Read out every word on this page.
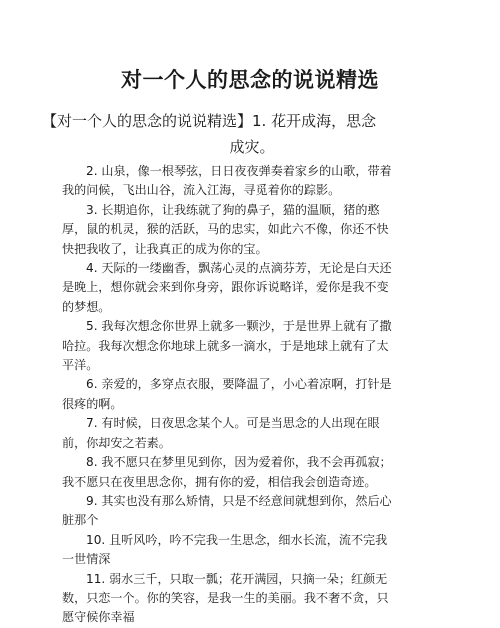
对一个人的思念的说说精选
【对一个人的思念的说说精选】1. 花开成海，思念
成灾。

2. 山泉，像一根琴弦，日日夜夜弹奏着家乡的山歌，带着我的问候，飞出山谷，流入江海，寻觅着你的踪影。

3. 长期追你，让我练就了狗的鼻子，猫的温顺，猪的憨厚，鼠的机灵，猴的活跃，马的忠实，如此六不像，你还不快快把我收了，让我真正的成为你的宝。

4. 天际的一缕幽香，飘荡心灵的点滴芬芳，无论是白天还是晚上，想你就会来到你身旁，跟你诉说略详，爱你是我不变的梦想。

5. 我每次想念你世界上就多一颗沙，于是世界上就有了撒哈拉。我每次想念你地球上就多一滴水，于是地球上就有了太平洋。

6. 亲爱的，多穿点衣服，要降温了，小心着凉啊，打针是很疼的啊。

7. 有时候，日夜思念某个人。可是当思念的人出现在眼前，你却安之若素。

8. 我不愿只在梦里见到你，因为爱着你，我不会再孤寂；我不愿只在夜里思念你，拥有你的爱，相信我会创造奇迹。

9. 其实也没有那么矫情，只是不经意间就想到你，然后心脏那个

10. 且听风吟，吟不完我一生思念，细水长流，流不完我一世情深

11. 弱水三千，只取一瓢；花开满园，只摘一朵；红颜无数，只恋一个。你的笑容，是我一生的美丽。我不奢不贪，只愿守候你幸福
